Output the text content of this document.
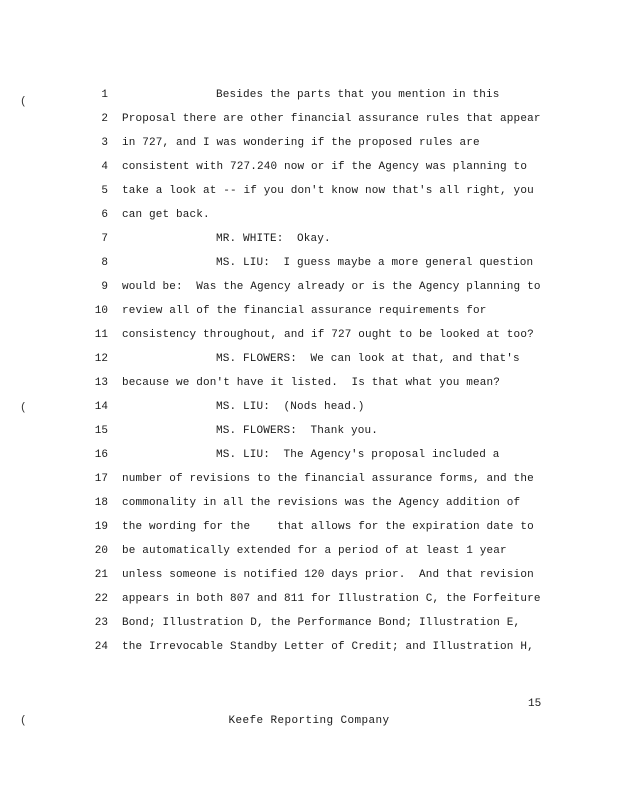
(
(
(
1	Besides the parts that you mention in this
2 Proposal there are other financial assurance rules that appear
3 in 727, and I was wondering if the proposed rules are
4 consistent with 727.240 now or if the Agency was planning to
5 take a look at -- if you don't know now that's all right, you
6 can get back.
7	MR. WHITE:  Okay.
8	MS. LIU:  I guess maybe a more general question
9 would be:  Was the Agency already or is the Agency planning to
10 review all of the financial assurance requirements for
11 consistency throughout, and if 727 ought to be looked at too?
12	MS. FLOWERS:  We can look at that, and that's
13 because we don't have it listed.  Is that what you mean?
14	MS. LIU:  (Nods head.)
15	MS. FLOWERS:  Thank you.
16	MS. LIU:  The Agency's proposal included a
17 number of revisions to the financial assurance forms, and the
18 commonality in all the revisions was the Agency addition of
19 the wording for the    that allows for the expiration date to
20 be automatically extended for a period of at least 1 year
21 unless someone is notified 120 days prior.  And that revision
22 appears in both 807 and 811 for Illustration C, the Forfeiture
23 Bond; Illustration D, the Performance Bond; Illustration E,
24 the Irrevocable Standby Letter of Credit; and Illustration H,
15
Keefe Reporting Company
